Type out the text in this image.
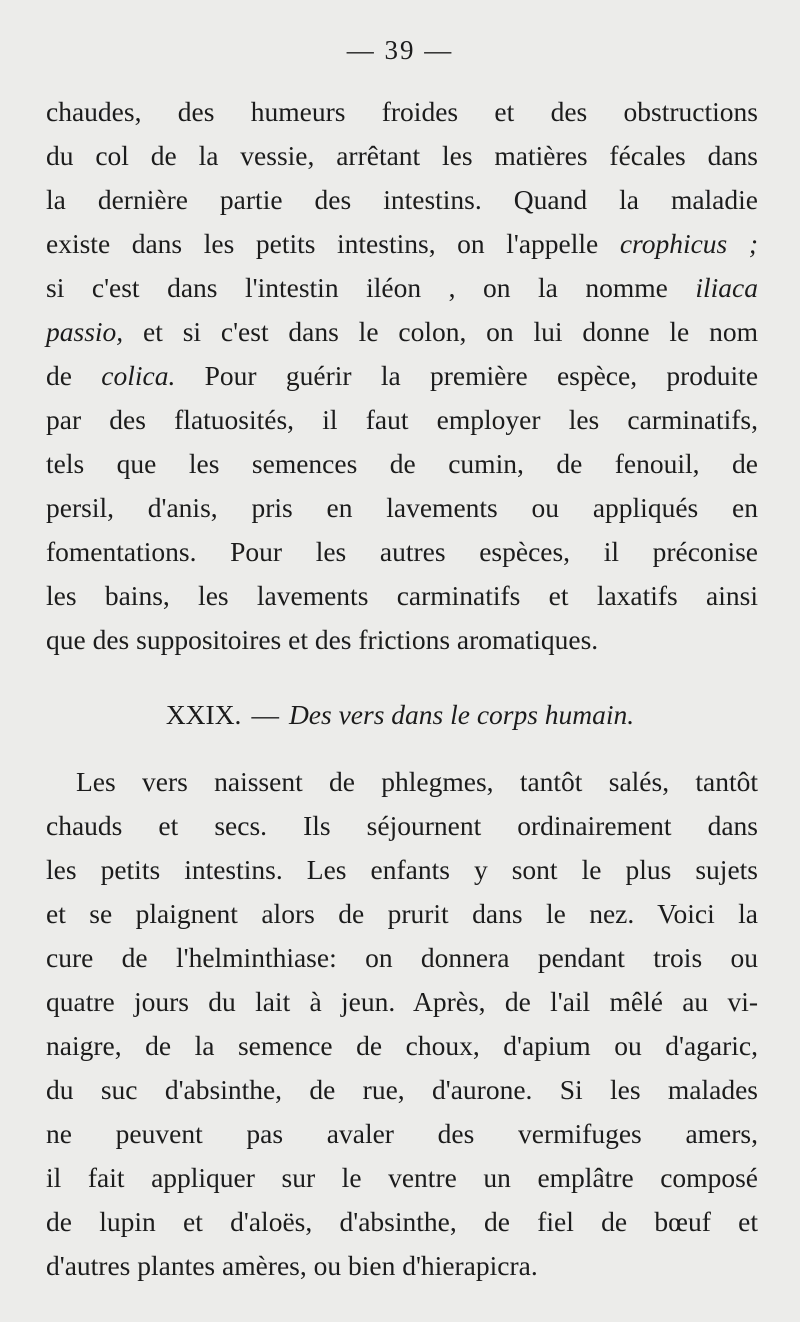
— 39 —
chaudes, des humeurs froides et des obstructions
du col de la vessie, arrêtant les matières fécales dans
la dernière partie des intestins. Quand la maladie
existe dans les petits intestins, on l'appelle crophicus ;
si c'est dans l'intestin iléon , on la nomme iliaca
passio, et si c'est dans le colon, on lui donne le nom
de colica. Pour guérir la première espèce, produite
par des flatuosités, il faut employer les carminatifs,
tels que les semences de cumin, de fenouil, de
persil, d'anis, pris en lavements ou appliqués en
fomentations. Pour les autres espèces, il préconise
les bains, les lavements carminatifs et laxatifs ainsi
que des suppositoires et des frictions aromatiques.
XXIX. — Des vers dans le corps humain.
Les vers naissent de phlegmes, tantôt salés, tantôt
chauds et secs. Ils séjournent ordinairement dans
les petits intestins. Les enfants y sont le plus sujets
et se plaignent alors de prurit dans le nez. Voici la
cure de l'helminthiase: on donnera pendant trois ou
quatre jours du lait à jeun. Après, de l'ail mêlé au vi-
naigre, de la semence de choux, d'apium ou d'agaric,
du suc d'absinthe, de rue, d'aurone. Si les malades
ne peuvent pas avaler des vermifuges amers,
il fait appliquer sur le ventre un emplâtre composé
de lupin et d'aloës, d'absinthe, de fiel de bœuf et
d'autres plantes amères, ou bien d'hierapicra.
